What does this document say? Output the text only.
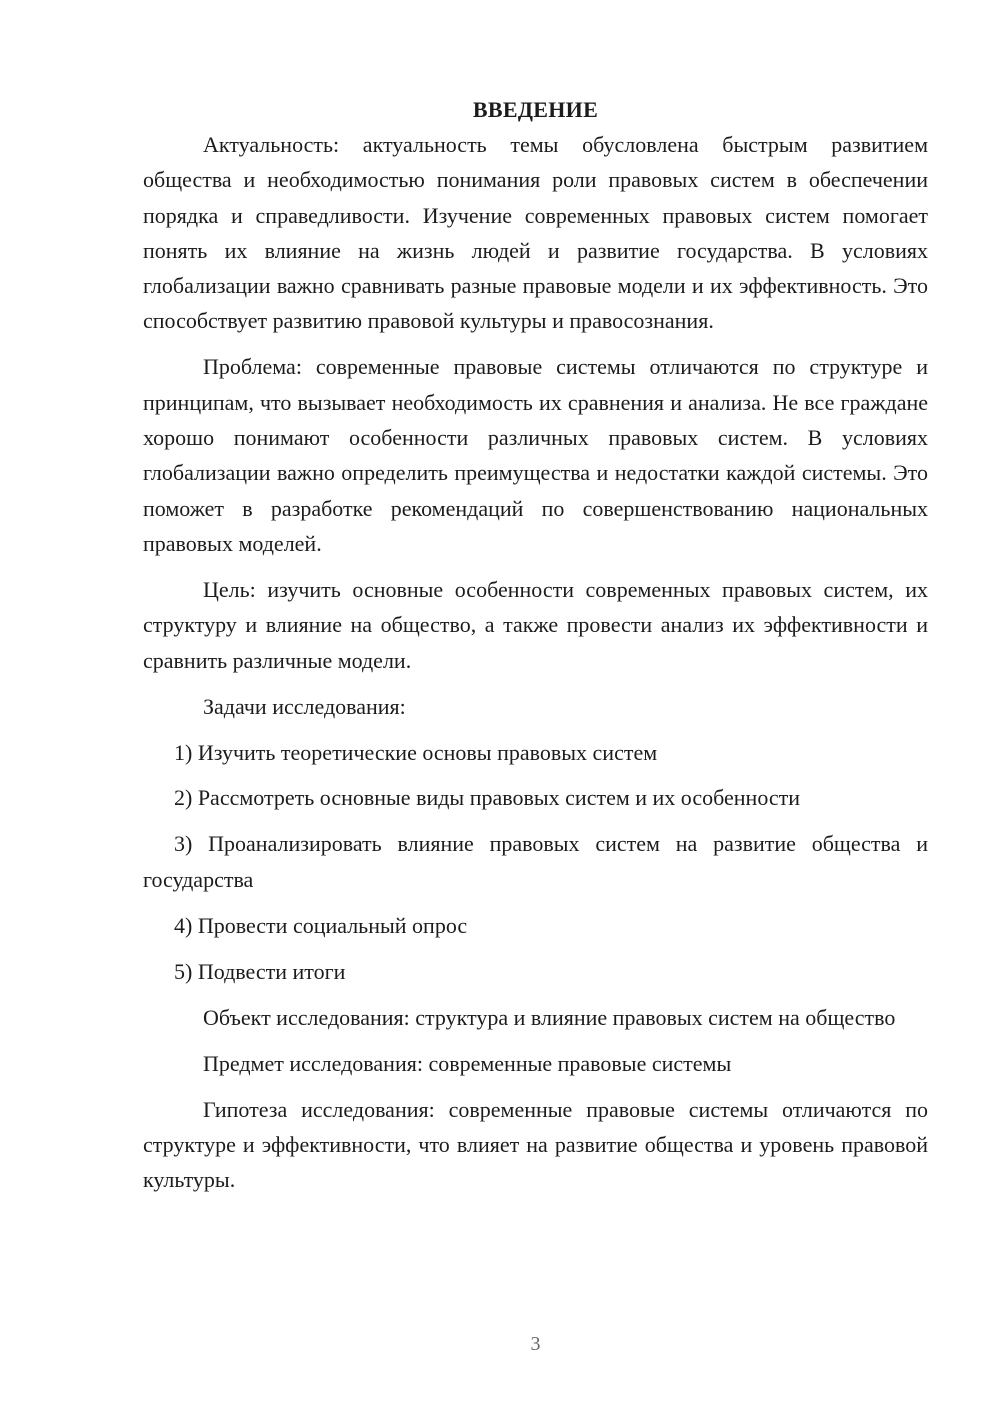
ВВЕДЕНИЕ

Актуальность: актуальность темы обусловлена быстрым развитием общества и необходимостью понимания роли правовых систем в обеспечении порядка и справедливости. Изучение современных правовых систем помогает понять их влияние на жизнь людей и развитие государства. В условиях глобализации важно сравнивать разные правовые модели и их эффективность. Это способствует развитию правовой культуры и правосознания.

Проблема: современные правовые системы отличаются по структуре и принципам, что вызывает необходимость их сравнения и анализа. Не все граждане хорошо понимают особенности различных правовых систем. В условиях глобализации важно определить преимущества и недостатки каждой системы. Это поможет в разработке рекомендаций по совершенствованию национальных правовых моделей.

Цель: изучить основные особенности современных правовых систем, их структуру и влияние на общество, а также провести анализ их эффективности и сравнить различные модели.

Задачи исследования:

1) Изучить теоретические основы правовых систем

2) Рассмотреть основные виды правовых систем и их особенности

3) Проанализировать влияние правовых систем на развитие общества и государства

4) Провести социальный опрос

5) Подвести итоги

Объект исследования: структура и влияние правовых систем на общество

Предмет исследования: современные правовые системы

Гипотеза исследования: современные правовые системы отличаются по структуре и эффективности, что влияет на развитие общества и уровень правовой культуры.

3
